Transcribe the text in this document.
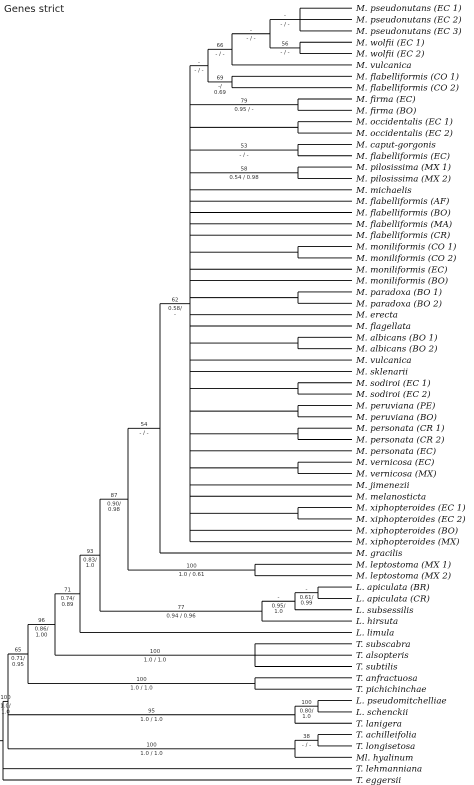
Genes strict
-
- / -
56
- / -
-
- / -
66
- / -
69
-/
0.69
-
- / -
79
0.95 / -
53
- / -
58
0.54 / 0.98
62
0.58/
-
54
- / -
100
1.0 / 0.61
87
0.90/
0.98
-
0.61/
0.99
-
0.95/
1.0
77
0.94 / 0.96
93
0.83/
1.0
71
0.74/
0.89
100
1.0 / 1.0
96
0.86/
1.00
100
1.0 / 1.0
65
0.71/
0.95
100
0.80/
1.0
95
1.0 / 1.0
38
- / -
100
1.0 / 1.0
100
1.0/
1.0
M. pseudonutans (EC 1)
M. pseudonutans (EC 2)
M. pseudonutans (EC 3)
M. wolfii (EC 1)
M. wolfii (EC 2)
M. vulcanica
M. flabelliformis (CO 1)
M. flabelliformis (CO 2)
M. firma (EC)
M. firma (BO)
M. occidentalis (EC 1)
M. occidentalis (EC 2)
M. caput-gorgonis
M. flabelliformis (EC)
M. pilosissima (MX 1)
M. pilosissima (MX 2)
M. michaelis
M. flabelliformis (AF)
M. flabelliformis (BO)
M. flabelliformis (MA)
M. flabelliformis (CR)
M. moniliformis (CO 1)
M. moniliformis (CO 2)
M. moniliformis (EC)
M. moniliformis (BO)
M. paradoxa (BO 1)
M. paradoxa (BO 2)
M. erecta
M. flagellata
M. albicans (BO 1)
M. albicans (BO 2)
M. vulcanica
M. sklenarii
M. sodiroi (EC 1)
M. sodiroi (EC 2)
M. peruviana (PE)
M. peruviana (BO)
M. personata (CR 1)
M. personata (CR 2)
M. personata (EC)
M. vernicosa (EC)
M. vernicosa (MX)
M. jimenezii
M. melanosticta
M. xiphopteroides (EC 1)
M. xiphopteroides (EC 2)
M. xiphopteroides (BO)
M. xiphopteroides (MX)
M. gracilis
M. leptostoma (MX 1)
M. leptostoma (MX 2)
L. apiculata (BR)
L. apiculata (CR)
L. subsessilis
L. hirsuta
L. limula
T. subscabra
T. alsopteris
T. subtilis
T. anfractuosa
T. pichichinchae
L. pseudomitchelliae
L. schenckii
T. lanigera
T. achilleifolia
T. longisetosa
Ml. hyalinum
T. lehmanniana
T. eggersii
